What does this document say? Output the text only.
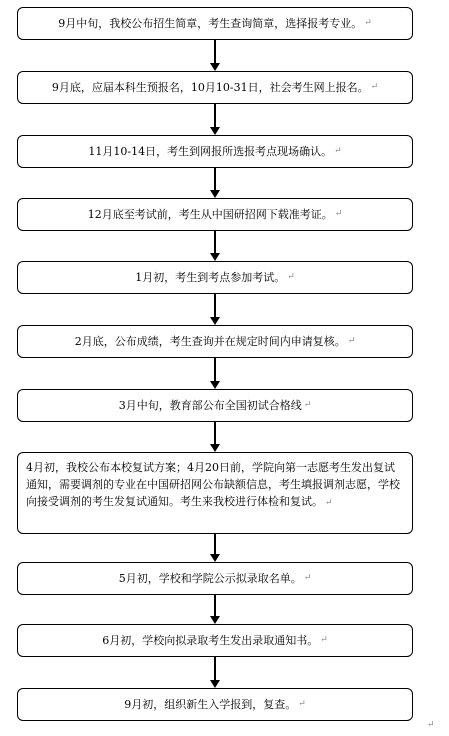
9月中旬，我校公布招生简章，考生查询简章，选择报考专业。 ↵
9月底，应届本科生预报名，10月10-31日，社会考生网上报名。 ↵
11月10-14日，考生到网报所选报考点现场确认。 ↵
12月底至考试前，考生从中国研招网下载准考证。 ↵
1月初，考生到考点参加考试。 ↵
2月底，公布成绩，考生查询并在规定时间内申请复核。 ↵
3月中旬，教育部公布全国初试合格线 ↵
4月初，我校公布本校复试方案；4月20日前，学院向第一志愿考生发出复试通知，需要调剂的专业在中国研招网公布缺额信息，考生填报调剂志愿，学校向接受调剂的考生发复试通知。考生来我校进行体检和复试。 ↵
5月初，学校和学院公示拟录取名单。 ↵
6月初，学校向拟录取考生发出录取通知书。 ↵
9月初，组织新生入学报到，复查。 ↵
↵
